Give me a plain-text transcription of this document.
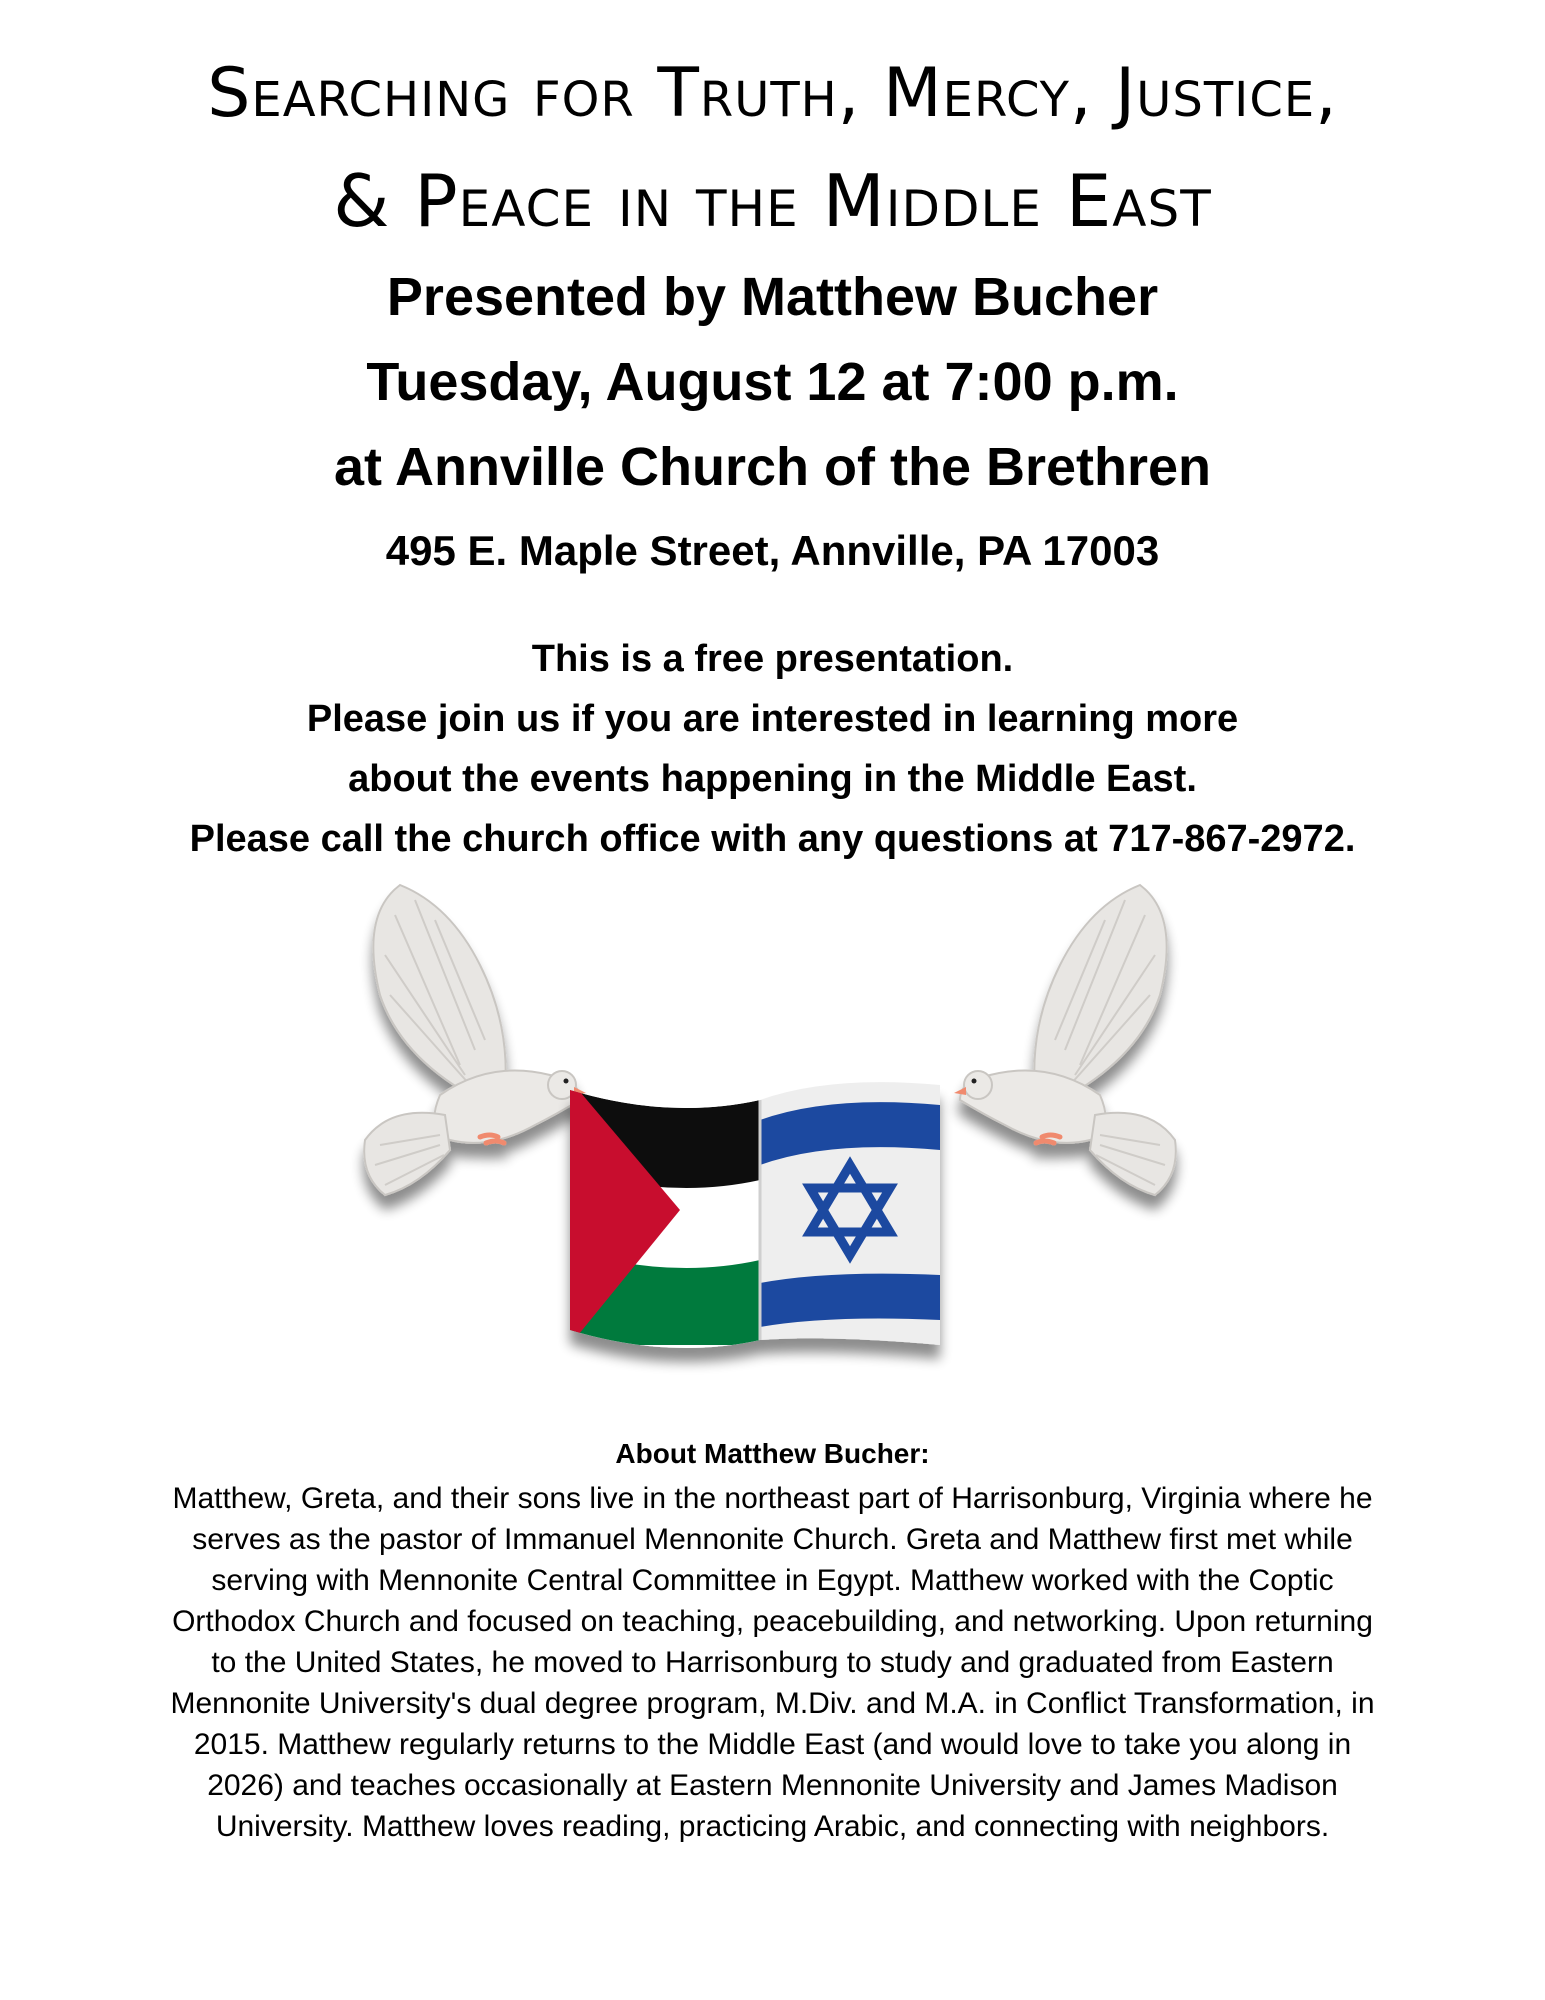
Searching for Truth, Mercy, Justice,
& Peace in the Middle East
Presented by Matthew Bucher
Tuesday, August 12 at 7:00 p.m.
at Annville Church of the Brethren
495 E. Maple Street, Annville, PA 17003
This is a free presentation.
Please join us if you are interested in learning more
about the events happening in the Middle East.
Please call the church office with any questions at 717-867-2972.
About Matthew Bucher:
Matthew, Greta, and their sons live in the northeast part of Harrisonburg, Virginia where he
serves as the pastor of Immanuel Mennonite Church. Greta and Matthew first met while
serving with Mennonite Central Committee in Egypt. Matthew worked with the Coptic
Orthodox Church and focused on teaching, peacebuilding, and networking. Upon returning
to the United States, he moved to Harrisonburg to study and graduated from Eastern
Mennonite University's dual degree program, M.Div. and M.A. in Conflict Transformation, in
2015. Matthew regularly returns to the Middle East (and would love to take you along in
2026) and teaches occasionally at Eastern Mennonite University and James Madison
University. Matthew loves reading, practicing Arabic, and connecting with neighbors.
